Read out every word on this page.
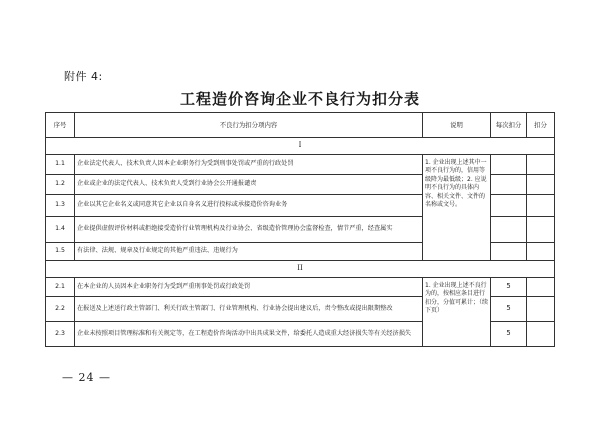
附件 4:
工程造价咨询企业不良行为扣分表
序号	不良行为扣分项内容	说明	每次扣分	扣分
I				
1.1	企业法定代表人、技术负责人因本企业职务行为受到刑事处罚或严重的行政处罚	1. 企业出现上述其中一项不良行为的，信用等级降为最低级；2. 应说明不良行为的具体内容、相关文件、文件的名称或文号。		
1.2	企业或企业的法定代表人、技术负责人受到行业协会公开通报谴责			
1.3	企业以其它企业名义或同意其它企业以自身名义进行投标或承接造价咨询业务			
1.4	企业提供虚假评价材料或拒绝接受造价行业管理机构及行业协会、省级造价管理协会监督检查，情节严重，经查属实			
1.5	有法律、法规、规章及行业规定的其他严重违法、违规行为			
II				
2.1	在本企业的人员因本企业职务行为受到严重刑事处罚或行政处罚	1. 企业出现上述不良行为的，按相应条目进行扣分，分值可累计；（续下页）	5	
2.2	在报送及上述送行政主管部门、利关行政主管部门、行业管理机构、行业协会提出建议后，责令整改或提出限期整改		5	
2.3	企业未按照项目管理标准和有关规定等，在工程造价咨询活动中出具成果文件，给委托人造成重大经济损失等有关经济损失		5	
— 24 —
